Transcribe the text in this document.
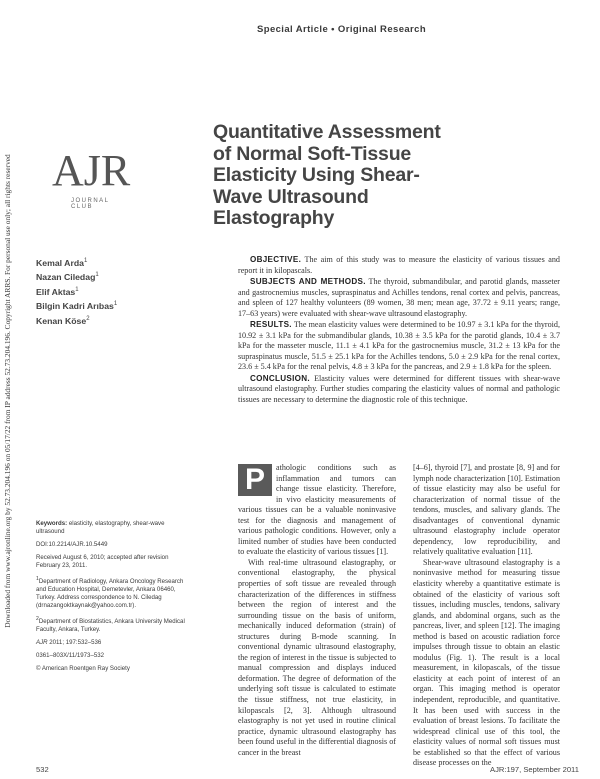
Special Article • Original Research
Downloaded from www.ajronline.org by 52.73.204.196 on 05/17/22 from IP address 52.73.204.196. Copyright ARRS. For personal use only; all rights reserved AJR
JOURNAL CLUB
Quantitative Assessment of Normal Soft-Tissue Elasticity Using Shear-Wave Ultrasound Elastography
Kemal Arda$^1$
Nazan Ciledag$^1$
Elif Aktas$^1$
Bilgin Kadri Arıbas$^1$
Kenan Köse$^2$

OBJECTIVE. The aim of this study was to measure the elasticity of various tissues and report it in kilopascals.

SUBJECTS AND METHODS. The thyroid, submandibular, and parotid glands, masseter and gastrocnemius muscles, supraspinatus and Achilles tendons, renal cortex and pelvis, pancreas, and spleen of 127 healthy volunteers (89 women, 38 men; mean age, 37.72 ± 9.11 years; range, 17–63 years) were evaluated with shear-wave ultrasound elastography.

RESULTS. The mean elasticity values were determined to be 10.97 ± 3.1 kPa for the thyroid, 10.92 ± 3.1 kPa for the submandibular glands, 10.38 ± 3.5 kPa for the parotid glands, 10.4 ± 3.7 kPa for the masseter muscle, 11.1 ± 4.1 kPa for the gastrocnemius muscle, 31.2 ± 13 kPa for the supraspinatus muscle, 51.5 ± 25.1 kPa for the Achilles tendons, 5.0 ± 2.9 kPa for the renal cortex, 23.6 ± 5.4 kPa for the renal pelvis, 4.8 ± 3 kPa for the pancreas, and 2.9 ± 1.8 kPa for the spleen.

CONCLUSION. Elasticity values were determined for different tissues with shear-wave ultrasound elastography. Further studies comparing the elasticity values of normal and pathologic tissues are necessary to determine the diagnostic role of this technique.

P	athologic conditions such as inflammation and tumors can change tissue elasticity. Therefore, in vivo elasticity measurements of various tissues can be a valuable noninvasive test for the diagnosis and management of various pathologic conditions. However, only a limited number of studies have been conducted to evaluate the elasticity of various tissues [1].

With real-time ultrasound elastography, or conventional elastography, the physical properties of soft tissue are revealed through characterization of the differences in stiffness between the region of interest and the surrounding tissue on the basis of uniform, mechanically induced deformation (strain) of structures during B-mode scanning. In conventional dynamic ultrasound elastography, the region of interest in the tissue is subjected to manual compression and displays induced deformation. The degree of deformation of the underlying soft tissue is calculated to estimate the tissue stiffness, not true elasticity, in kilopascals [2, 3]. Although ultrasound elastography is not yet used in routine clinical practice, dynamic ultrasound elastography has been found useful in the differential diagnosis of cancer in the breast

[4–6], thyroid [7], and prostate [8, 9] and for lymph node characterization [10]. Estimation of tissue elasticity may also be useful for characterization of normal tissue of the tendons, muscles, and salivary glands. The disadvantages of conventional dynamic ultrasound elastography include operator dependency, low reproducibility, and relatively qualitative evaluation [11].

Shear-wave ultrasound elastography is a noninvasive method for measuring tissue elasticity whereby a quantitative estimate is obtained of the elasticity of various soft tissues, including muscles, tendons, salivary glands, and abdominal organs, such as the pancreas, liver, and spleen [12]. The imaging method is based on acoustic radiation force impulses through tissue to obtain an elastic modulus (Fig. 1). The result is a local measurement, in kilopascals, of the tissue elasticity at each point of interest of an organ. This imaging method is operator independent, reproducible, and quantitative. It has been used with success in the evaluation of breast lesions. To facilitate the widespread clinical use of this tool, the elasticity values of normal soft tissues must be established so that the effect of various disease processes on the

Keywords: elasticity, elastography, shear-wave ultrasound

DOI:10.2214/AJR.10.5449

Received August 6, 2010; accepted after revision February 23, 2011.

$^1$Department of Radiology, Ankara Oncology Research and Education Hospital, Demetevler, Ankara 06460, Turkey. Address correspondence to N. Ciledag (drnazangoktkaynak@yahoo.com.tr).

$^2$Department of Biostatistics, Ankara University Medical Faculty, Ankara, Turkey.

AJR 2011; 197:532–536

0361–803X/11/1973–532

© American Roentgen Ray Society

532	AJR:197, September 2011
